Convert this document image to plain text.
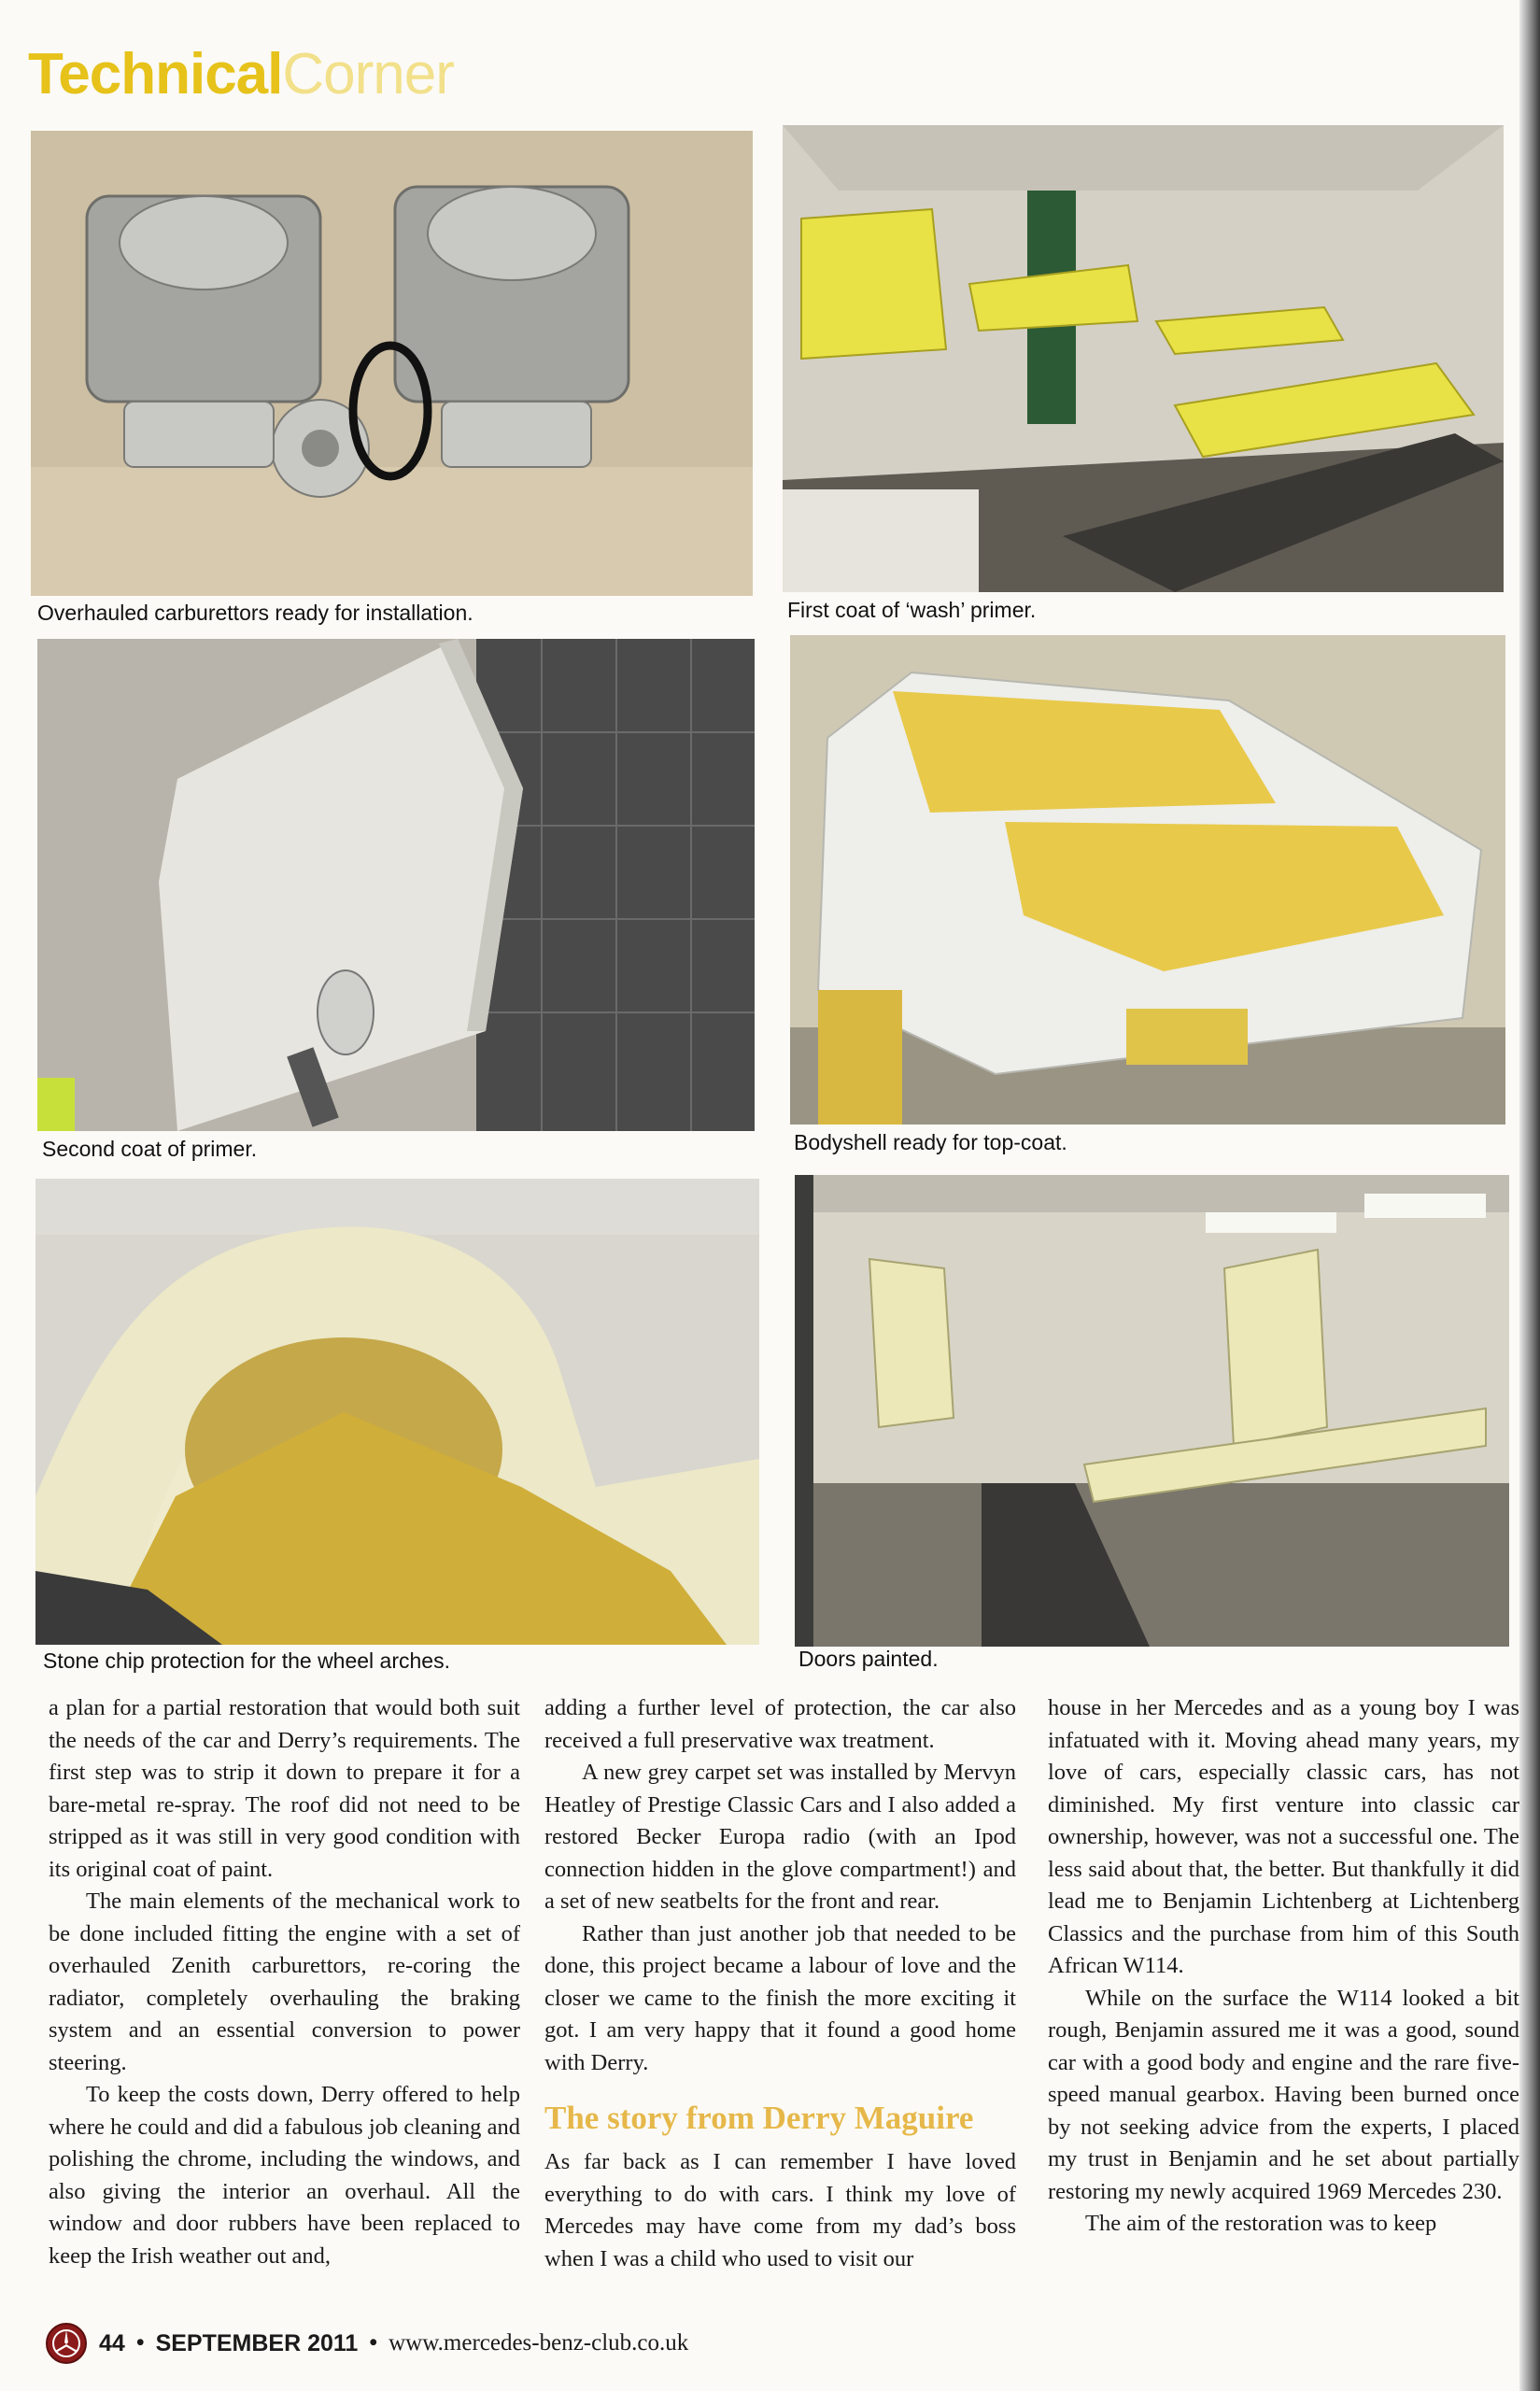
TechnicalCorner
Overhauled carburettors ready for installation.	First coat of ‘wash’ primer.
Second coat of primer.	Bodyshell ready for top-coat.
Stone chip protection for the wheel arches.	Doors painted.

a plan for a partial restoration that would both suit the needs of the car and Derry’s requirements. The first step was to strip it down to prepare it for a bare-metal re-spray. The roof did not need to be stripped as it was still in very good condition with its original coat of paint.

The main elements of the mechanical work to be done included fitting the engine with a set of overhauled Zenith carburettors, re-coring the radiator, completely overhauling the braking system and an essential conversion to power steering.

To keep the costs down, Derry offered to help where he could and did a fabulous job cleaning and polishing the chrome, including the windows, and also giving the interior an overhaul. All the window and door rubbers have been replaced to keep the Irish weather out and,

adding a further level of protection, the car also received a full preservative wax treatment.

A new grey carpet set was installed by Mervyn Heatley of Prestige Classic Cars and I also added a restored Becker Europa radio (with an Ipod connection hidden in the glove compartment!) and a set of new seatbelts for the front and rear.

Rather than just another job that needed to be done, this project became a labour of love and the closer we came to the finish the more exciting it got. I am very happy that it found a good home with Derry.

The story from Derry Maguire

As far back as I can remember I have loved everything to do with cars. I think my love of Mercedes may have come from my dad’s boss when I was a child who used to visit our

house in her Mercedes and as a young boy I was infatuated with it. Moving ahead many years, my love of cars, especially classic cars, has not diminished. My first venture into classic car ownership, however, was not a successful one. The less said about that, the better. But thankfully it did lead me to Benjamin Lichtenberg at Lichtenberg Classics and the purchase from him of this South African W114.

While on the surface the W114 looked a bit rough, Benjamin assured me it was a good, sound car with a good body and engine and the rare five-speed manual gearbox. Having been burned once by not seeking advice from the experts, I placed my trust in Benjamin and he set about partially restoring my newly acquired 1969 Mercedes 230.

The aim of the restoration was to keep

44 • SEPTEMBER 2011 • www.mercedes-benz-club.co.uk
